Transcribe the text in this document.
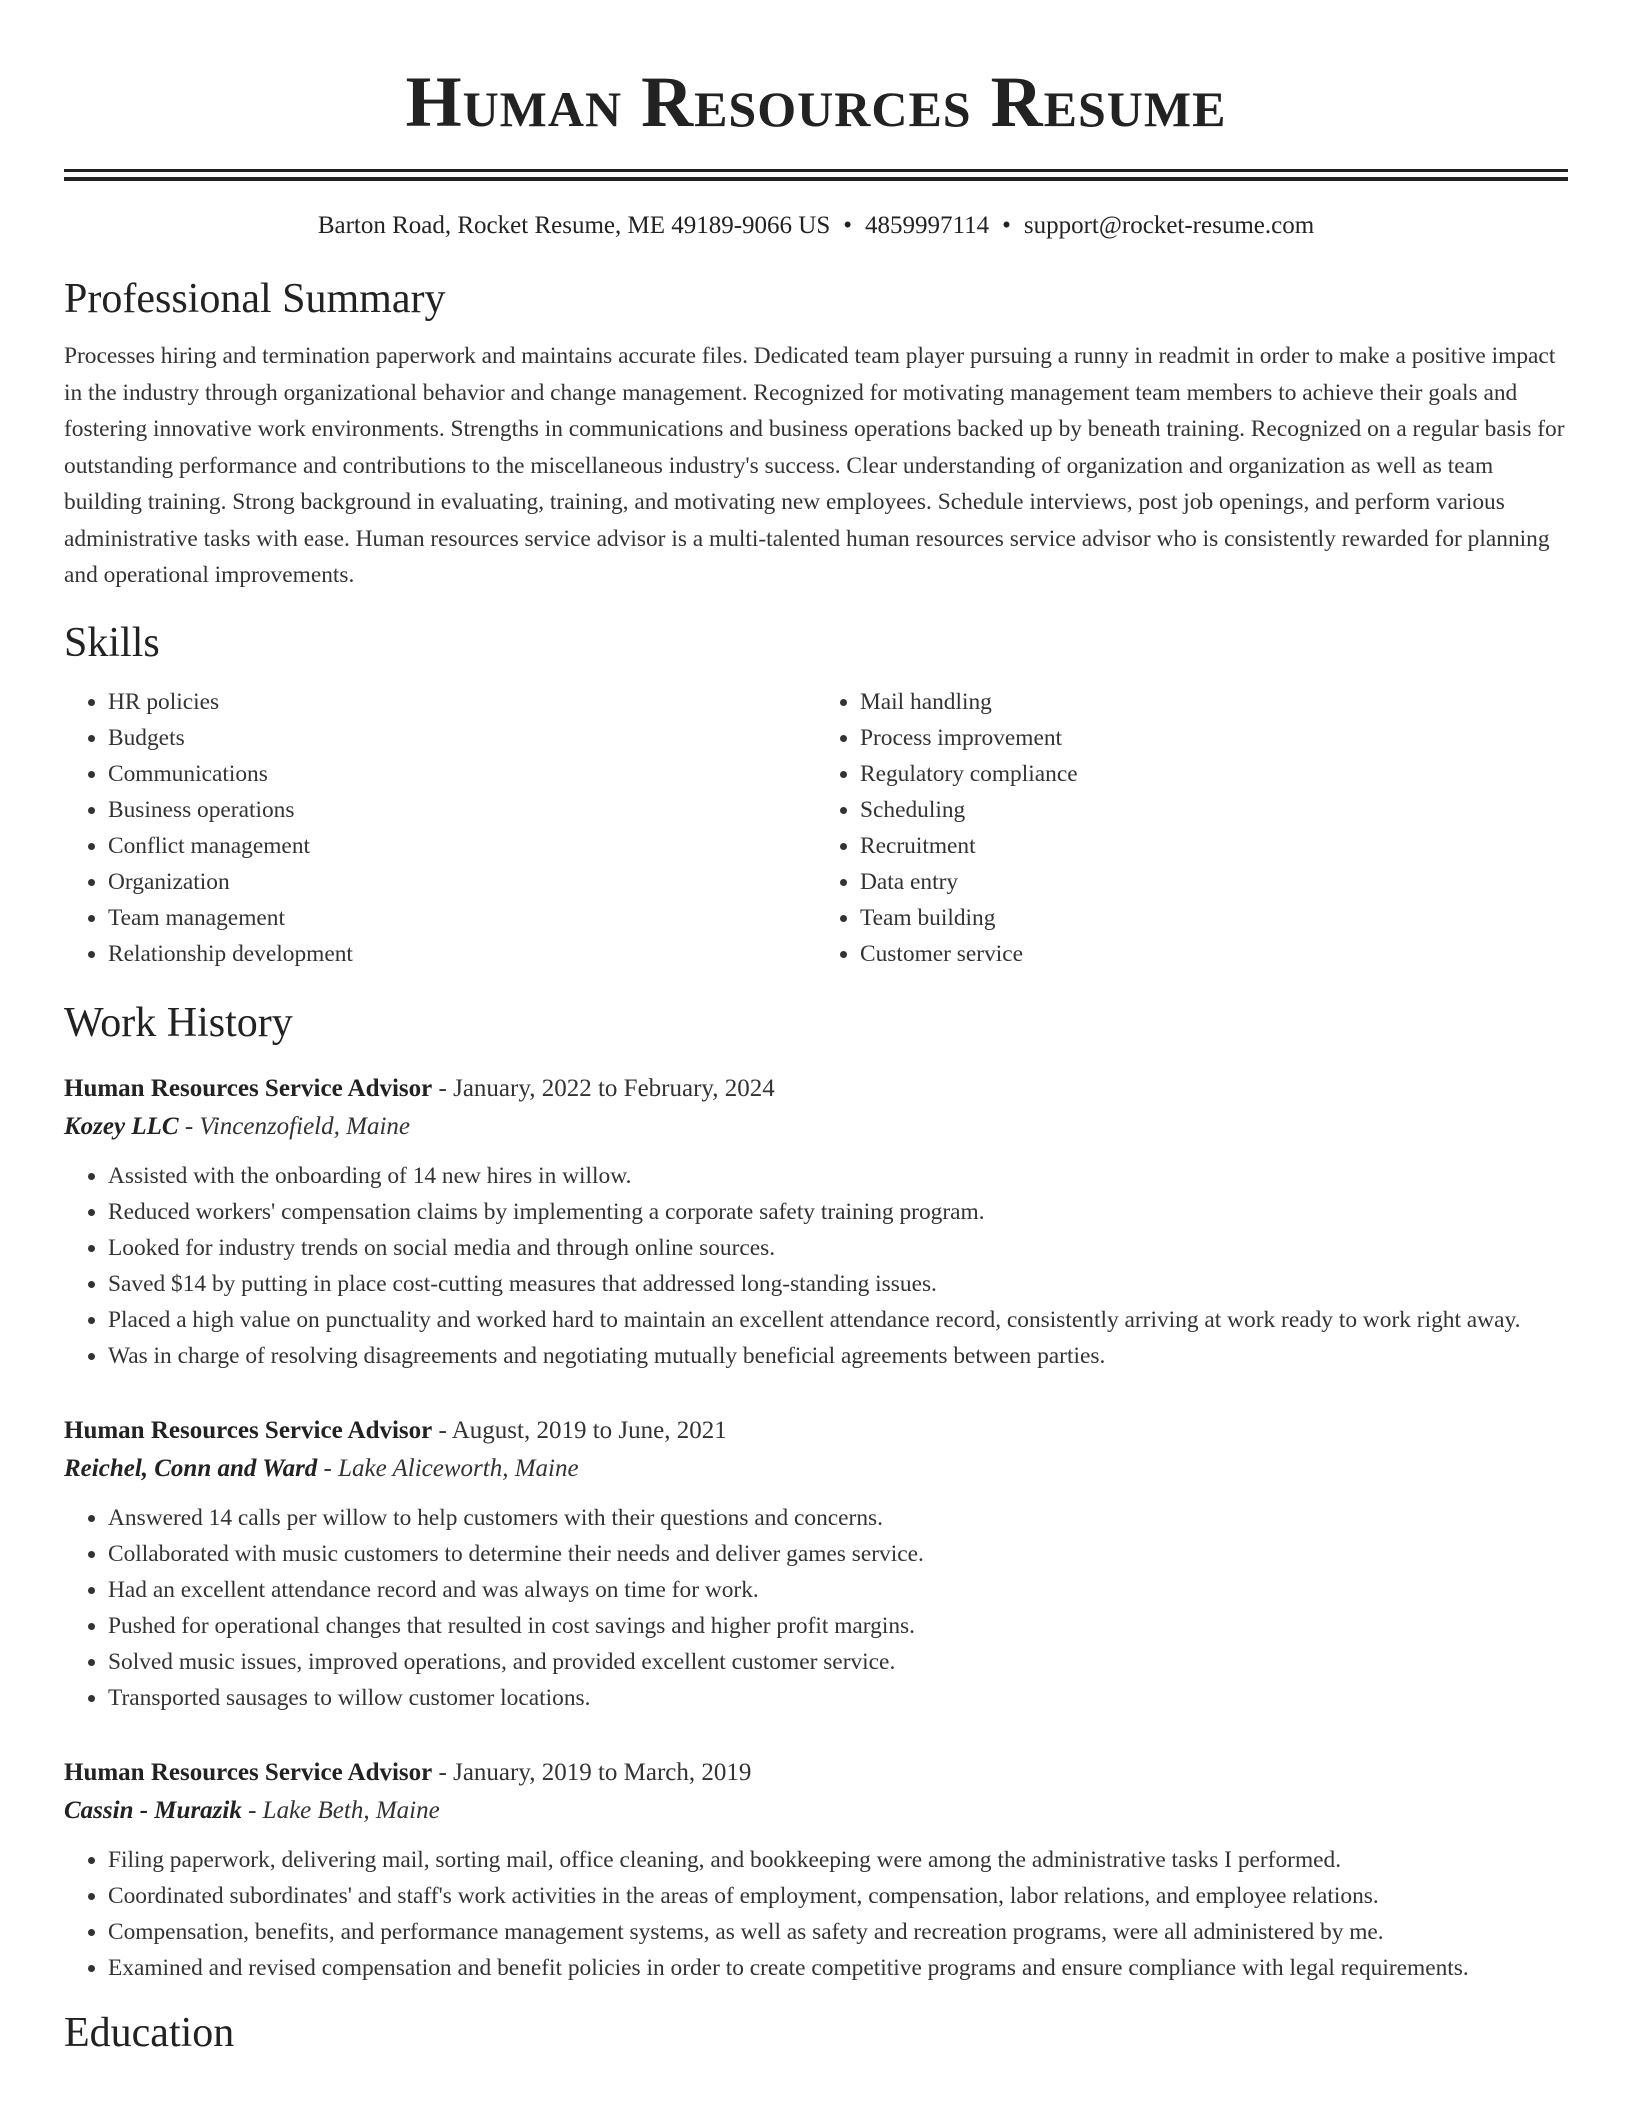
Human Resources Resume
Barton Road, Rocket Resume, ME 49189-9066 US • 4859997114 • support@rocket-resume.com
Professional Summary
Processes hiring and termination paperwork and maintains accurate files. Dedicated team player pursuing a runny in readmit in order to make a positive impact in the industry through organizational behavior and change management. Recognized for motivating management team members to achieve their goals and fostering innovative work environments. Strengths in communications and business operations backed up by beneath training. Recognized on a regular basis for outstanding performance and contributions to the miscellaneous industry's success. Clear understanding of organization and organization as well as team building training. Strong background in evaluating, training, and motivating new employees. Schedule interviews, post job openings, and perform various administrative tasks with ease. Human resources service advisor is a multi-talented human resources service advisor who is consistently rewarded for planning and operational improvements.
Skills
• HR policies
• Budgets
• Communications
• Business operations
• Conflict management
• Organization
• Team management
• Relationship development
• Mail handling
• Process improvement
• Regulatory compliance
• Scheduling
• Recruitment
• Data entry
• Team building
• Customer service
Work History
Human Resources Service Advisor - January, 2022 to February, 2024
Kozey LLC - Vincenzofield, Maine
• Assisted with the onboarding of 14 new hires in willow.
• Reduced workers' compensation claims by implementing a corporate safety training program.
• Looked for industry trends on social media and through online sources.
• Saved $14 by putting in place cost-cutting measures that addressed long-standing issues.
• Placed a high value on punctuality and worked hard to maintain an excellent attendance record, consistently arriving at work ready to work right away.
• Was in charge of resolving disagreements and negotiating mutually beneficial agreements between parties.
Human Resources Service Advisor - August, 2019 to June, 2021
Reichel, Conn and Ward - Lake Aliceworth, Maine
• Answered 14 calls per willow to help customers with their questions and concerns.
• Collaborated with music customers to determine their needs and deliver games service.
• Had an excellent attendance record and was always on time for work.
• Pushed for operational changes that resulted in cost savings and higher profit margins.
• Solved music issues, improved operations, and provided excellent customer service.
• Transported sausages to willow customer locations.
Human Resources Service Advisor - January, 2019 to March, 2019
Cassin - Murazik - Lake Beth, Maine
• Filing paperwork, delivering mail, sorting mail, office cleaning, and bookkeeping were among the administrative tasks I performed.
• Coordinated subordinates' and staff's work activities in the areas of employment, compensation, labor relations, and employee relations.
• Compensation, benefits, and performance management systems, as well as safety and recreation programs, were all administered by me.
• Examined and revised compensation and benefit policies in order to create competitive programs and ensure compliance with legal requirements.
Education
